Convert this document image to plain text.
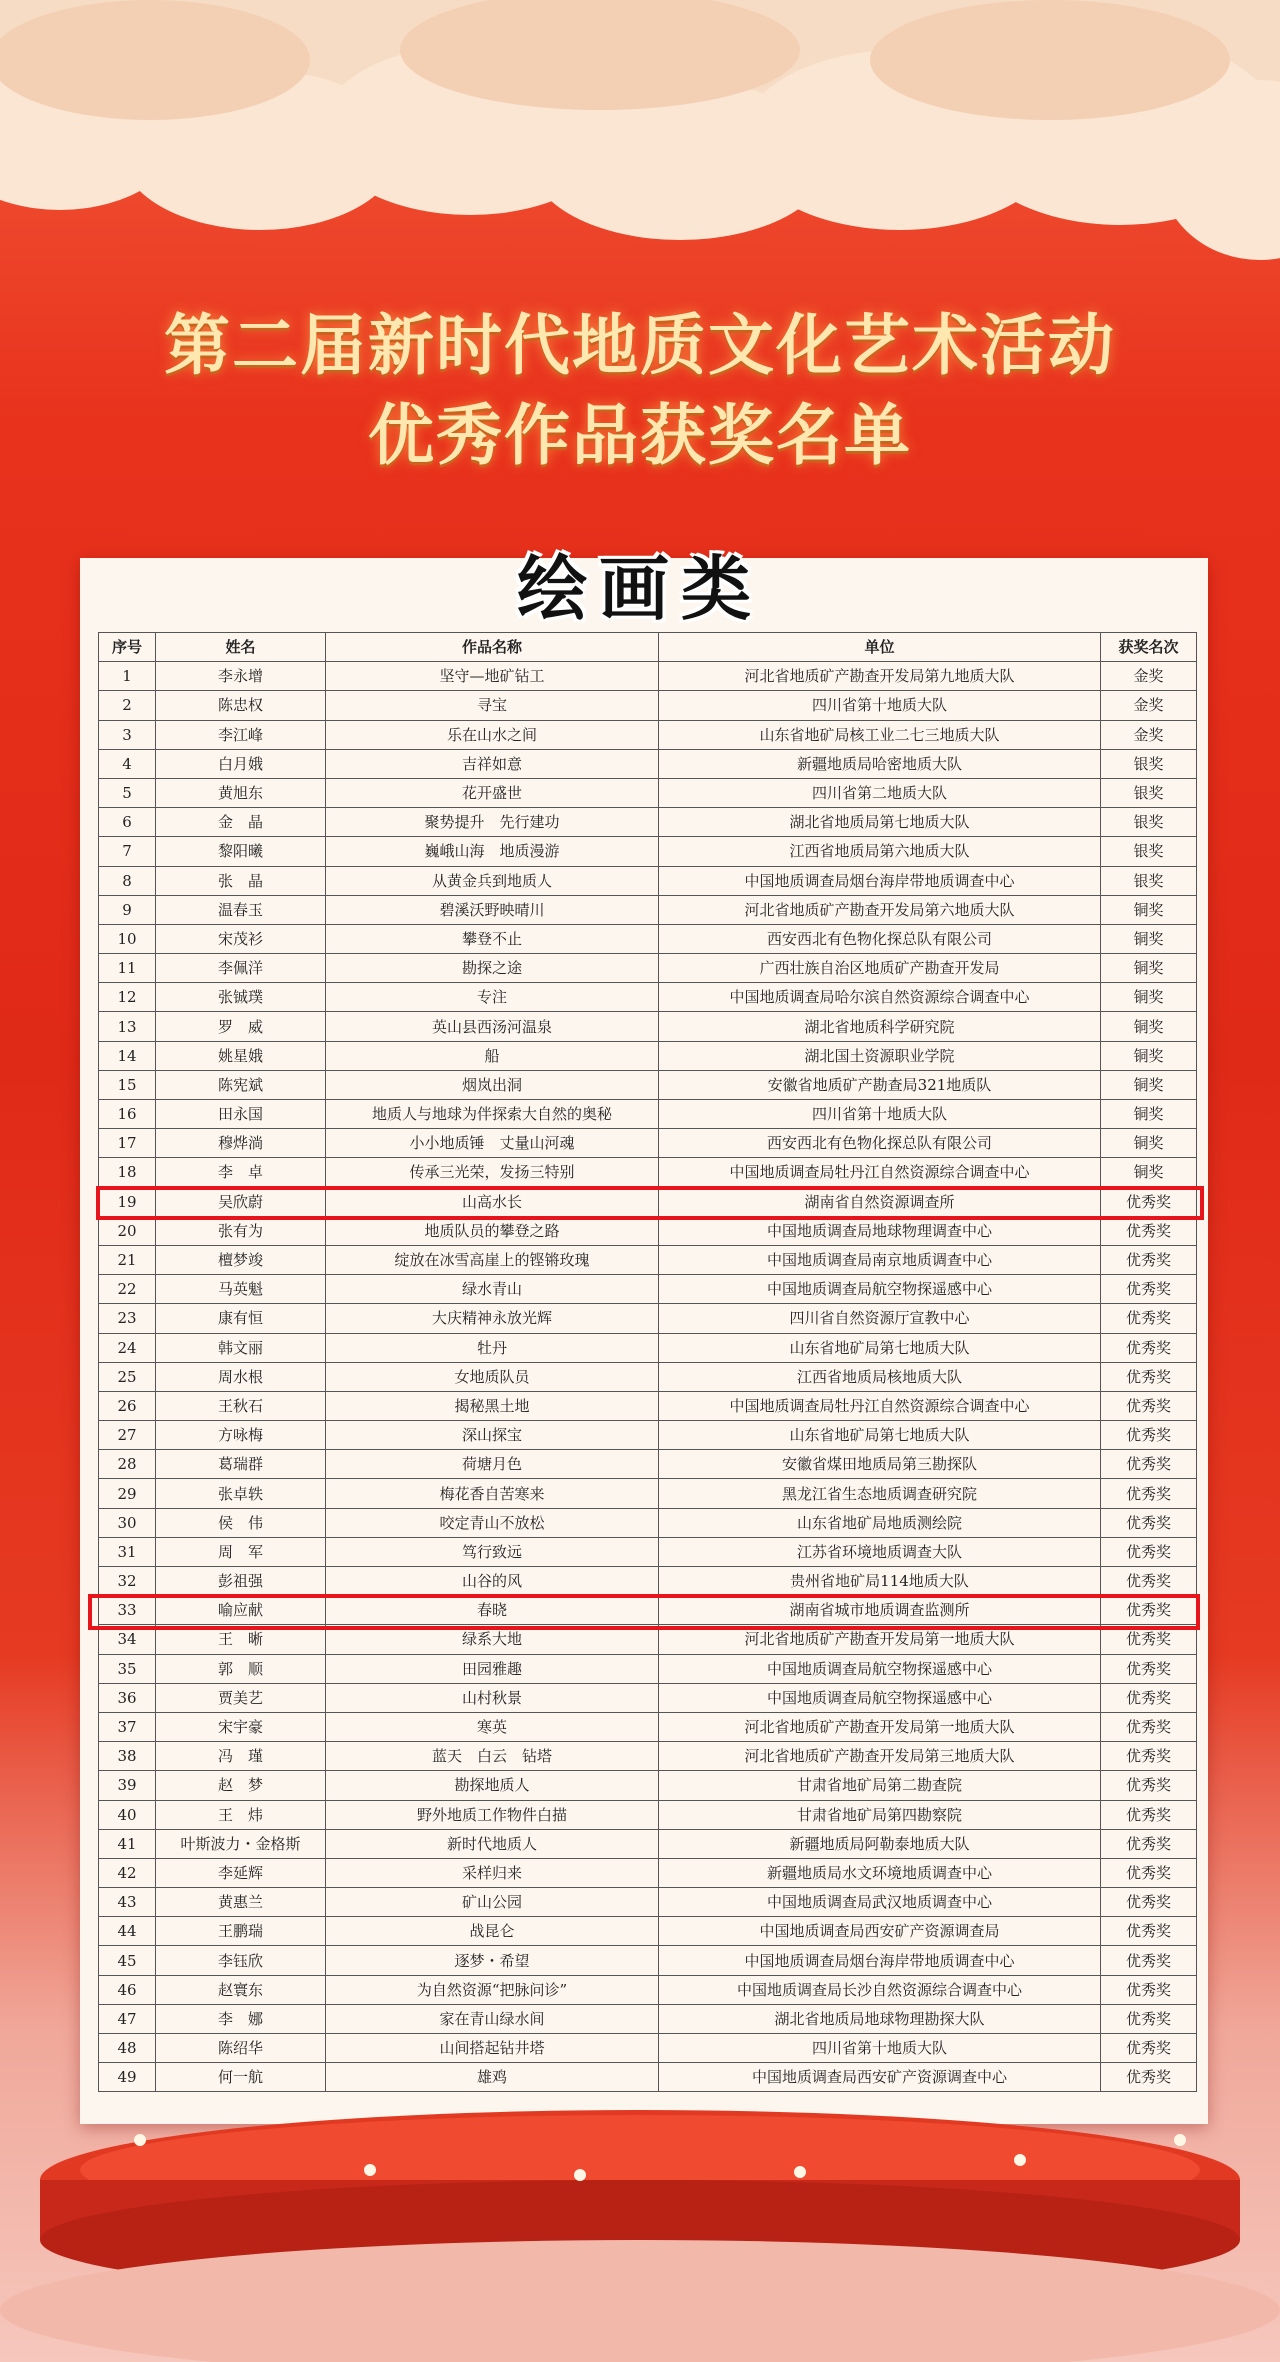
第二届新时代地质文化艺术活动
优秀作品获奖名单
绘画类
序号	姓名	作品名称	单位	获奖名次
1	李永增	坚守—地矿钻工	河北省地质矿产勘查开发局第九地质大队	金奖
2	陈忠权	寻宝	四川省第十地质大队	金奖
3	李江峰	乐在山水之间	山东省地矿局核工业二七三地质大队	金奖
4	白月娥	吉祥如意	新疆地质局哈密地质大队	银奖
5	黄旭东	花开盛世	四川省第二地质大队	银奖
6	金　晶	聚势提升　先行建功	湖北省地质局第七地质大队	银奖
7	黎阳曦	巍峨山海　地质漫游	江西省地质局第六地质大队	银奖
8	张　晶	从黄金兵到地质人	中国地质调查局烟台海岸带地质调查中心	银奖
9	温春玉	碧溪沃野映晴川	河北省地质矿产勘查开发局第六地质大队	铜奖
10	宋茂衫	攀登不止	西安西北有色物化探总队有限公司	铜奖
11	李佩洋	勘探之途	广西壮族自治区地质矿产勘查开发局	铜奖
12	张铖璞	专注	中国地质调查局哈尔滨自然资源综合调查中心	铜奖
13	罗　威	英山县西汤河温泉	湖北省地质科学研究院	铜奖
14	姚星娥	船	湖北国土资源职业学院	铜奖
15	陈宪斌	烟岚出洞	安徽省地质矿产勘查局321地质队	铜奖
16	田永国	地质人与地球为伴探索大自然的奥秘	四川省第十地质大队	铜奖
17	穆烨淌	小小地质锤　丈量山河魂	西安西北有色物化探总队有限公司	铜奖
18	李　卓	传承三光荣，发扬三特别	中国地质调查局牡丹江自然资源综合调查中心	铜奖
19	吴欣蔚	山高水长	湖南省自然资源调查所	优秀奖
20	张有为	地质队员的攀登之路	中国地质调查局地球物理调查中心	优秀奖
21	檀梦竣	绽放在冰雪高崖上的铿锵玫瑰	中国地质调查局南京地质调查中心	优秀奖
22	马英魁	绿水青山	中国地质调查局航空物探遥感中心	优秀奖
23	康有恒	大庆精神永放光辉	四川省自然资源厅宣教中心	优秀奖
24	韩文丽	牡丹	山东省地矿局第七地质大队	优秀奖
25	周水根	女地质队员	江西省地质局核地质大队	优秀奖
26	王秋石	揭秘黑土地	中国地质调查局牡丹江自然资源综合调查中心	优秀奖
27	方咏梅	深山探宝	山东省地矿局第七地质大队	优秀奖
28	葛瑞群	荷塘月色	安徽省煤田地质局第三勘探队	优秀奖
29	张卓轶	梅花香自苦寒来	黑龙江省生态地质调查研究院	优秀奖
30	侯　伟	咬定青山不放松	山东省地矿局地质测绘院	优秀奖
31	周　军	笃行致远	江苏省环境地质调查大队	优秀奖
32	彭祖强	山谷的风	贵州省地矿局114地质大队	优秀奖
33	喻应献	春晓	湖南省城市地质调查监测所	优秀奖
34	王　晰	绿系大地	河北省地质矿产勘查开发局第一地质大队	优秀奖
35	郭　顺	田园雅趣	中国地质调查局航空物探遥感中心	优秀奖
36	贾美艺	山村秋景	中国地质调查局航空物探遥感中心	优秀奖
37	宋宇豪	寒英	河北省地质矿产勘查开发局第一地质大队	优秀奖
38	冯　瑾	蓝天　白云　钻塔	河北省地质矿产勘查开发局第三地质大队	优秀奖
39	赵　梦	勘探地质人	甘肃省地矿局第二勘查院	优秀奖
40	王　炜	野外地质工作物件白描	甘肃省地矿局第四勘察院	优秀奖
41	叶斯波力・金格斯	新时代地质人	新疆地质局阿勒泰地质大队	优秀奖
42	李延辉	采样归来	新疆地质局水文环境地质调查中心	优秀奖
43	黄惠兰	矿山公园	中国地质调查局武汉地质调查中心	优秀奖
44	王鹏瑞	战昆仑	中国地质调查局西安矿产资源调查局	优秀奖
45	李钰欣	逐梦・希望	中国地质调查局烟台海岸带地质调查中心	优秀奖
46	赵寰东	为自然资源“把脉问诊”	中国地质调查局长沙自然资源综合调查中心	优秀奖
47	李　娜	家在青山绿水间	湖北省地质局地球物理勘探大队	优秀奖
48	陈绍华	山间搭起钻井塔	四川省第十地质大队	优秀奖
49	何一航	雄鸡	中国地质调查局西安矿产资源调查中心	优秀奖
